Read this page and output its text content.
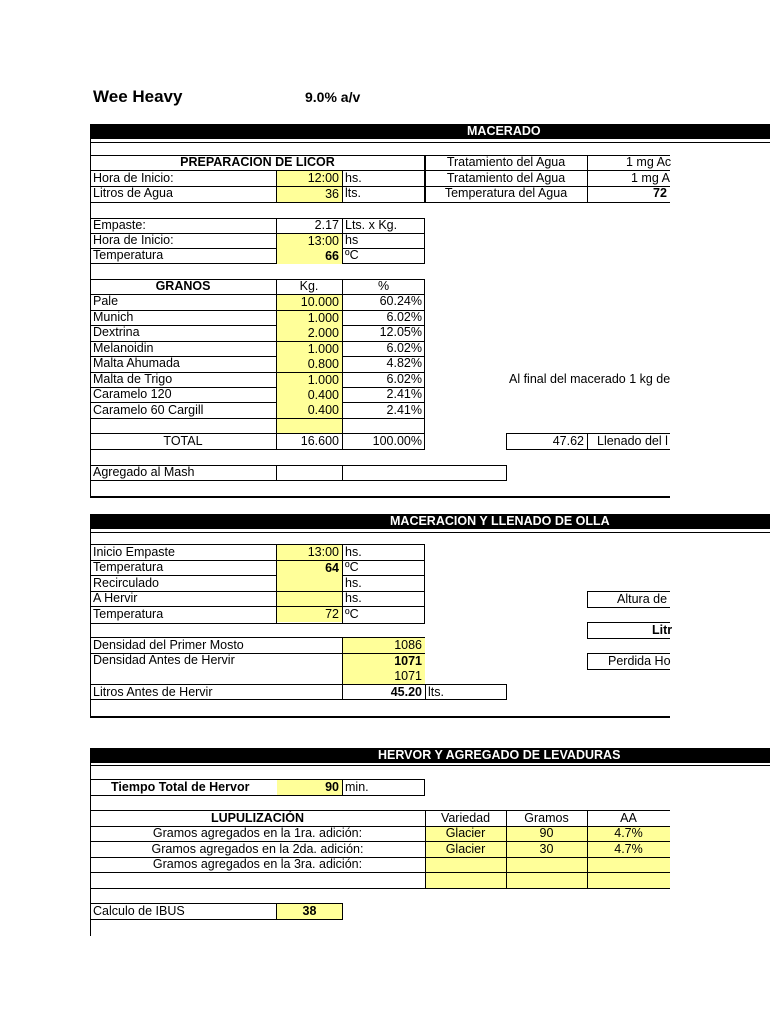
Wee Heavy	9.0% a/v
MACERADO
PREPARACION DE LICOR
Hora de Inicio:	12:00 hs.
Litros de Agua	36 lts.
Tratamiento del Agua	1 mg Ac
Tratamiento del Agua	1 mg A
Temperatura del Agua	72
Empaste:	2.17 Lts. x Kg.
Hora de Inicio:	13:00 hs
Temperatura	66 ºC
GRANOS	Kg.	%
Pale	10.000	60.24%
Munich	1.000	6.02%
Dextrina	2.000	12.05%
Melanoidin	1.000	6.02%
Malta Ahumada	0.800	4.82%
Malta de Trigo	1.000	6.02%
Caramelo 120	0.400	2.41%
Caramelo 60 Cargill	0.400	2.41%
TOTAL	16.600	100.00%
Al final del macerado 1 kg de
47.62 Llenado del l
Agregado al Mash
MACERACION Y LLENADO DE OLLA
Inicio Empaste	13:00 hs.
Temperatura	64 ºC
Recirculado	hs.
A Hervir	hs.
Temperatura	72 ºC
Densidad del Primer Mosto	1086
Densidad Antes de Hervir	1071
1071
Litros Antes de Hervir	45.20 lts.
Altura de
Litr
Perdida Ho
HERVOR Y AGREGADO DE LEVADURAS
Tiempo Total de Hervor	90 min.
LUPULIZACIÓN	Variedad	Gramos	AA
Gramos agregados en la 1ra. adición:	Glacier	90	4.7%
Gramos agregados en la 2da. adición:	Glacier	30	4.7%
Gramos agregados en la 3ra. adición:
Calculo de IBUS	38
